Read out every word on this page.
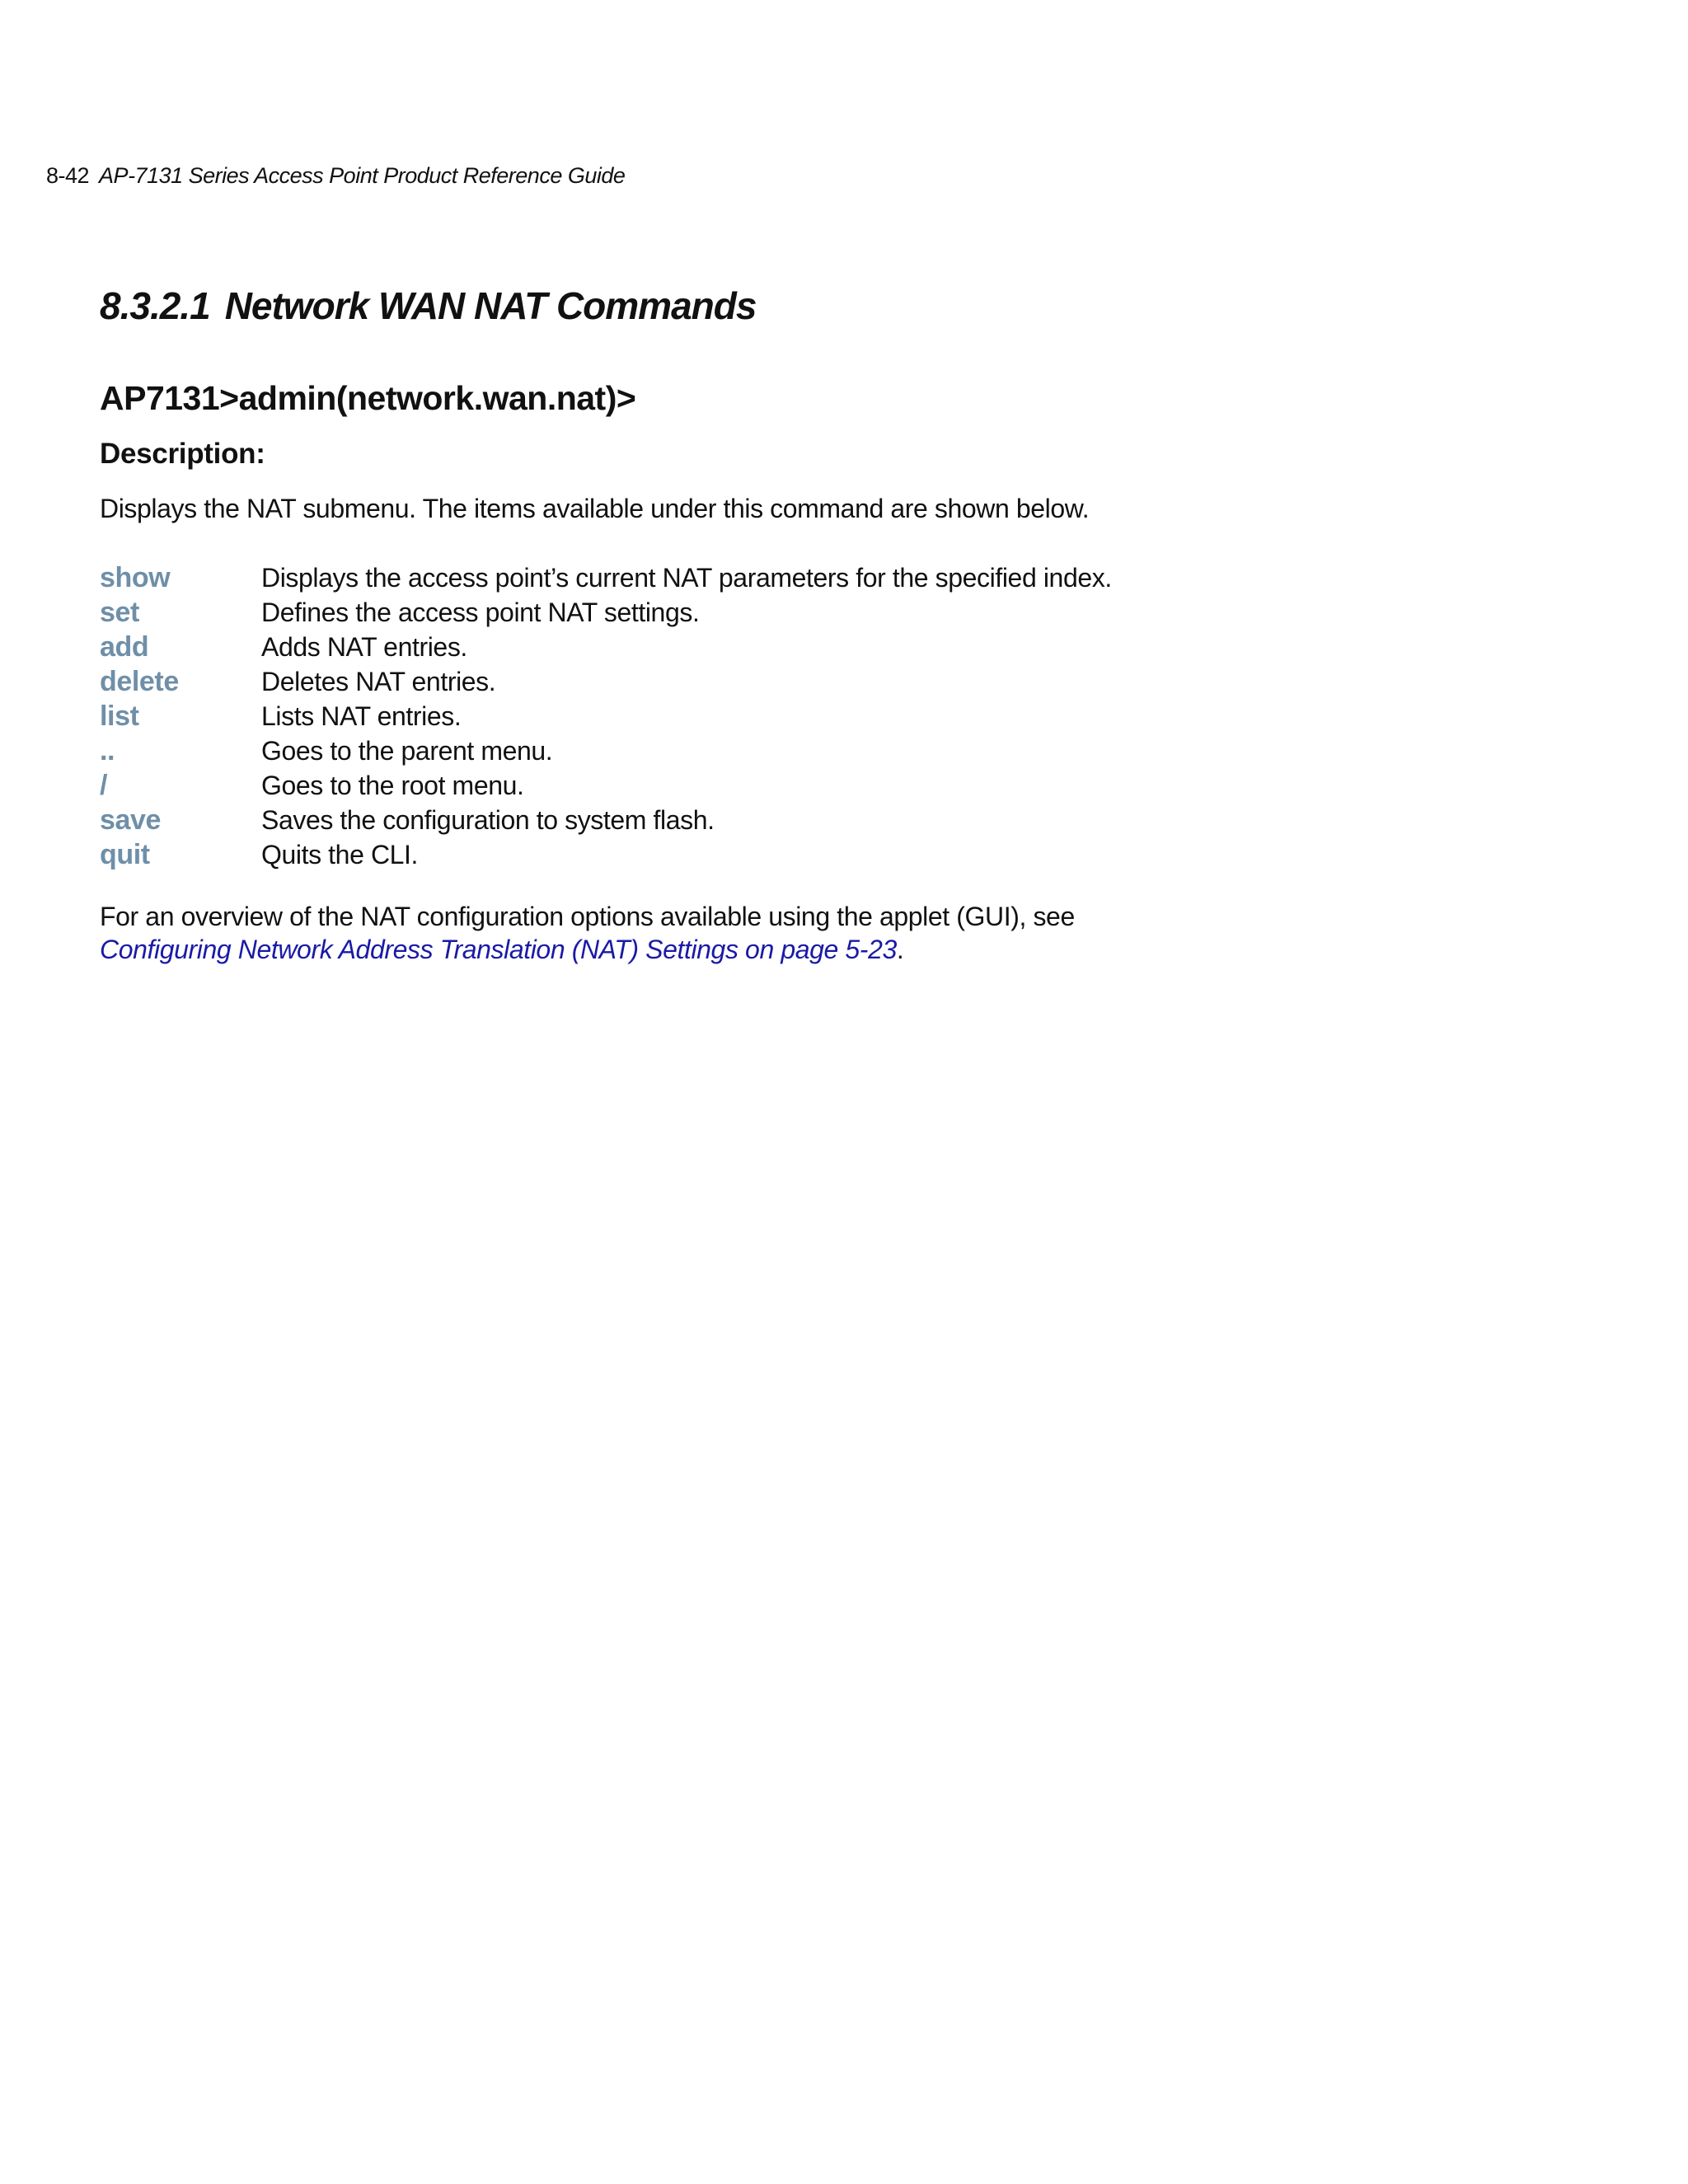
8-42 AP-7131 Series Access Point Product Reference Guide
8.3.2.1 Network WAN NAT Commands
AP7131>admin(network.wan.nat)>
Description:

Displays the NAT submenu. The items available under this command are shown below.

show	Displays the access point’s current NAT parameters for the specified index.
set	Defines the access point NAT settings.
add	Adds NAT entries.
delete	Deletes NAT entries.
list	Lists NAT entries.
..	Goes to the parent menu.
/	Goes to the root menu.
save	Saves the configuration to system flash.
quit	Quits the CLI.

For an overview of the NAT configuration options available using the applet (GUI), see
Configuring Network Address Translation (NAT) Settings on page 5-23.
